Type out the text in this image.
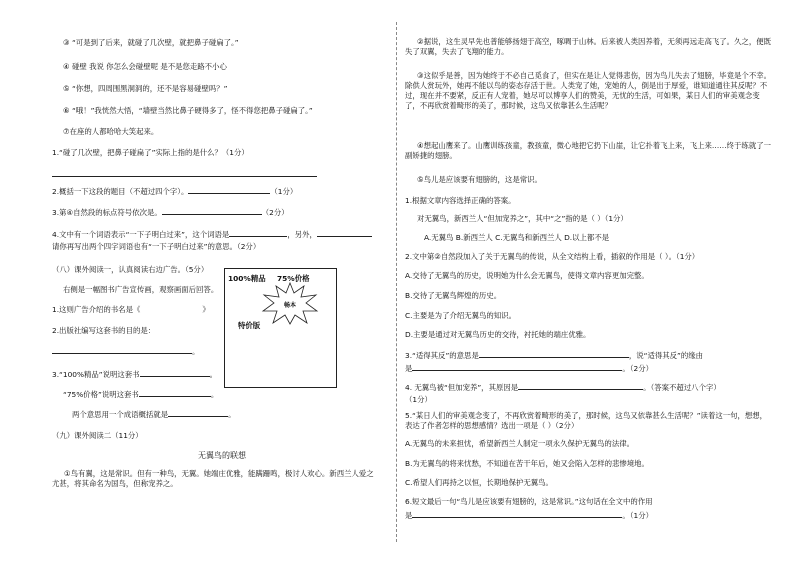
③ “可是到了后来，就碰了几次壁，就把鼻子碰扁了。”
④ 碰壁 我说 你怎么会碰壁呢 是不是您走路不小心
⑤ “你想，四周围黑洞洞的，还不是容易碰壁吗？”
⑥ “哦！”我恍然大悟，“墙壁当然比鼻子硬得多了，怪不得您把鼻子碰扁了。”
⑦在座的人都哈哈大笑起来。
1.“碰了几次壁，把鼻子碰扁了”实际上指的是什么？（1分）
2.概括一下这段的题目（不超过四个字）。	（1分）
3.第④自然段的标点符号依次是。	（2分）
4.文中有一个词语表示“一下子明白过来”，这个词语是	，另外，
请你再写出两个四字词语也有“一下子明白过来”的意思。（2分）
（八）课外阅读一，认真阅读右边广告。（5分）
右侧是一幅图书广告宣传画，观察画面后回答。
1.这则广告介绍的书名是《	》
2.出版社编写这套书的目的是：
。
3.“100%精品”说明这套书	。
“75%价格”说明这套书	。
两个意思用一个成语概括就是	。
（九）课外阅读二（11分）
无翼鸟的联想
①鸟有翼，这是常识。但有一种鸟，无翼。她端庄优雅，能蹒跚鸣，极讨人欢心。新西兰人爱之尤甚，将其命名为国鸟，但称宠养之。
100%精品 75%价格
畅本
特价版
②据说，这生灵早先也普能够扬翅于高空，啄啁于山林。后来被人类因养着，无须再远走高飞了。久之，便既失了双翼，失去了飞翔的能力。
③这似乎是善，因为她终于不必自己觅食了，但实在是让人觉得悲伤，因为鸟儿失去了翅膀，毕竟是个不幸。除供人赏玩外，她再不能以鸟的姿态存活于世。人类宠了她，宠她的人，倒是出于厚爱，谁知道通往其反呢？不过，现在并不要紧，反正有人宠着，她尽可以博享人们的赞美，无忧的生活，可如果，某日人们的审美观念变了，不再欣赏着畸形的美了，那时候，这鸟又依靠甚么生活呢？
④想起山鹰来了。山鹰训练孩童，教孩童，微心地把它扔下山崖，让它扑着飞上来，飞上来……终于练就了一副矫捷的翅膀。
⑤鸟儿是应该要有翅膀的，这是常识。
1.根据文章内容选择正确的答案。
对无翼鸟，新西兰人“但加宠养之”，其中“之”指的是（ ）（1分）
A.无翼鸟 B.新西兰人 C.无翼鸟和新西兰人 D.以上都不是
2.文中第②自然段加入了关于无翼鸟的传说，从全文结构上看，插叙的作用是（ ）。（1分）
A.交待了无翼鸟的历史，说明她为什么会无翼鸟，使得文章内容更加完整。
B.交待了无翼鸟辉煌的历史。
C.主要是为了介绍无翼鸟的知识。
D.主要是通过对无翼鸟历史的交待，衬托她的端庄优雅。
3.“适得其反”的意思是	，说“适得其反”的缘由
是	。（2分）
4. 无翼鸟被“但加宠养”，其原因是	。（答案不超过八个字）
（1分）
5.“某日人们的审美观念变了，不再欣赏着畸形的美了，那时候，这鸟又依靠甚么生活呢？”读着这一句，想想，表达了作者怎样的思想感情？选出一项是（ ）（2分）
A.无翼鸟的未来担忧，希望新西兰人制定一项永久保护无翼鸟的法律。
B.为无翼鸟的将来忧愁，不知道在苦干年后，她又会陷入怎样的悲惨境地。
C.希望人们再持之以恒，长期地保护无翼鸟。
6.短文最后一句“鸟儿是应该要有翅膀的，这是常识。”这句话在全文中的作用
是	。（1分）
